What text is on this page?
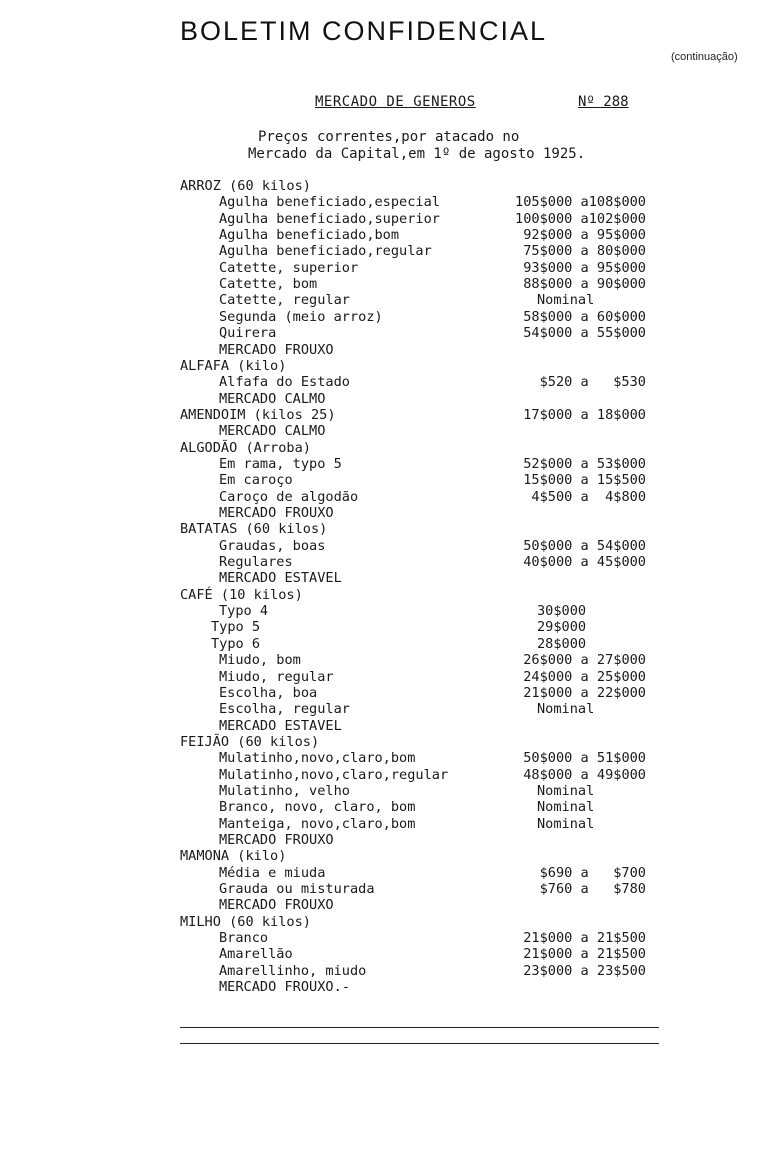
BOLETIM CONFIDENCIAL
(continuação)
MERCADO DE GENEROS	Nº 288
Preços correntes,por atacado no
Mercado da Capital,em 1º de agosto 1925.
ARROZ (60 kilos)
Agulha beneficiado,especial	105$000 a108$000
Agulha beneficiado,superior	100$000 a102$000
Agulha beneficiado,bom	92$000 a 95$000
Agulha beneficiado,regular	75$000 a 80$000
Catette, superior	93$000 a 95$000
Catette, bom	88$000 a 90$000
Catette, regular	Nominal
Segunda (meio arroz)	58$000 a 60$000
Quirera	54$000 a 55$000
MERCADO FROUXO
ALFAFA (kilo)
Alfafa do Estado	$520 a   $530
MERCADO CALMO
AMENDOIM (kilos 25)	17$000 a 18$000
MERCADO CALMO
ALGODÃO (Arroba)
Em rama, typo 5	52$000 a 53$000
Em caroço	15$000 a 15$500
Caroço de algodão	4$500 a  4$800
MERCADO FROUXO
BATATAS (60 kilos)
Graudas, boas	50$000 a 54$000
Regulares	40$000 a 45$000
MERCADO ESTAVEL
CAFÉ (10 kilos)
Typo 4	30$000
Typo 5	29$000
Typo 6	28$000
Miudo, bom	26$000 a 27$000
Miudo, regular	24$000 a 25$000
Escolha, boa	21$000 a 22$000
Escolha, regular	Nominal
MERCADO ESTAVEL
FEIJÃO (60 kilos)
Mulatinho,novo,claro,bom	50$000 a 51$000
Mulatinho,novo,claro,regular	48$000 a 49$000
Mulatinho, velho	Nominal
Branco, novo, claro, bom	Nominal
Manteiga, novo,claro,bom	Nominal
MERCADO FROUXO
MAMONA (kilo)
Média e miuda	$690 a   $700
Grauda ou misturada	$760 a   $780
MERCADO FROUXO
MILHO (60 kilos)
Branco	21$000 a 21$500
Amarellão	21$000 a 21$500
Amarellinho, miudo	23$000 a 23$500
MERCADO FROUXO.-
